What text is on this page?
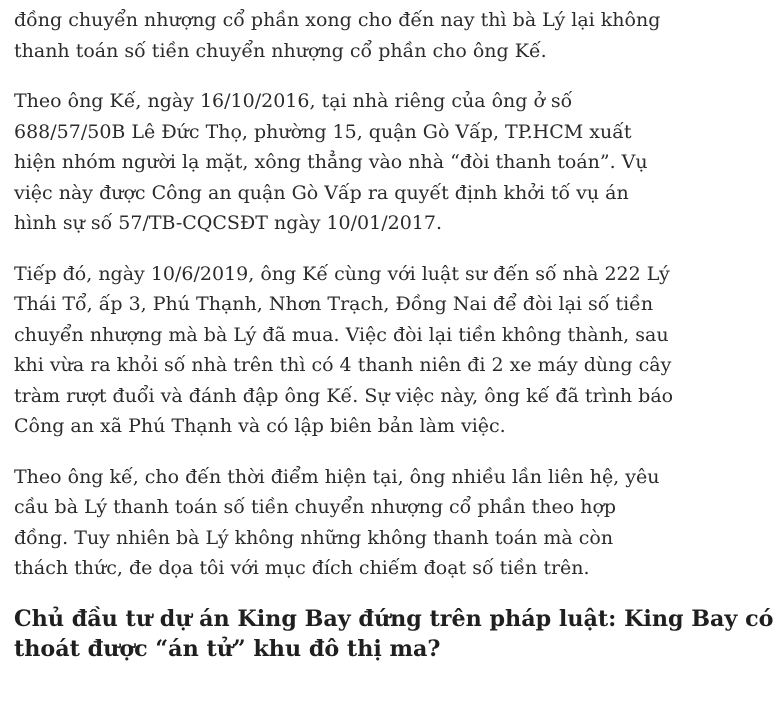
đồng chuyển nhượng cổ phần xong cho đến nay thì bà Lý lại không
thanh toán số tiền chuyển nhượng cổ phần cho ông Kế.

Theo ông Kế, ngày 16/10/2016, tại nhà riêng của ông ở số
688/57/50B Lê Đức Thọ, phường 15, quận Gò Vấp, TP.HCM xuất
hiện nhóm người lạ mặt, xông thẳng vào nhà “đòi thanh toán”. Vụ
việc này được Công an quận Gò Vấp ra quyết định khởi tố vụ án
hình sự số 57/TB-CQCSĐT ngày 10/01/2017.

Tiếp đó, ngày 10/6/2019, ông Kế cùng với luật sư đến số nhà 222 Lý
Thái Tổ, ấp 3, Phú Thạnh, Nhơn Trạch, Đồng Nai để đòi lại số tiền
chuyển nhượng mà bà Lý đã mua. Việc đòi lại tiền không thành, sau
khi vừa ra khỏi số nhà trên thì có 4 thanh niên đi 2 xe máy dùng cây
tràm rượt đuổi và đánh đập ông Kế. Sự việc này, ông kế đã trình báo
Công an xã Phú Thạnh và có lập biên bản làm việc.

Theo ông kế, cho đến thời điểm hiện tại, ông nhiều lần liên hệ, yêu
cầu bà Lý thanh toán số tiền chuyển nhượng cổ phần theo hợp
đồng. Tuy nhiên bà Lý không những không thanh toán mà còn
thách thức, đe dọa tôi với mục đích chiếm đoạt số tiền trên.

Chủ đầu tư dự án King Bay đứng trên pháp luật: King Bay có
thoát được “án tử” khu đô thị ma?
